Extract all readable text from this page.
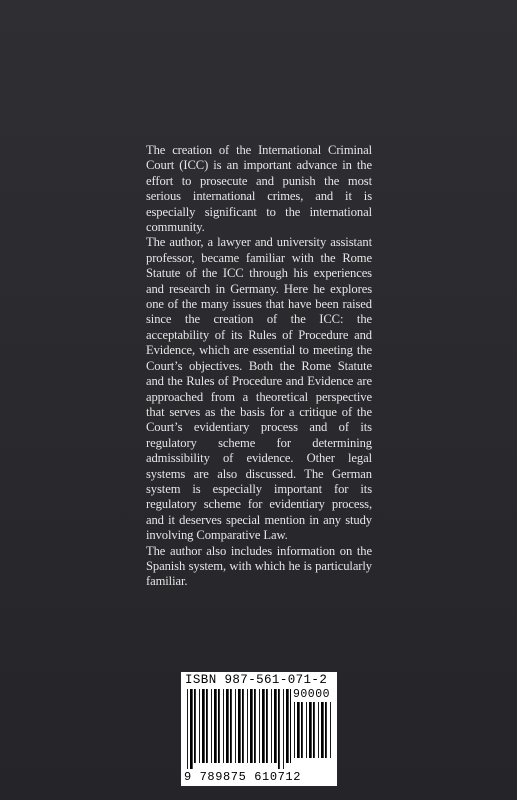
The creation of the International Criminal Court (ICC) is an important advance in the effort to prosecute and punish the most serious international crimes, and it is especially significant to the international community.

The author, a lawyer and university assistant professor, became familiar with the Rome Statute of the ICC through his experiences and research in Germany. Here he explores one of the many issues that have been raised since the creation of the ICC: the acceptability of its Rules of Procedure and Evidence, which are essential to meeting the Court’s objectives. Both the Rome Statute and the Rules of Procedure and Evidence are approached from a theoretical perspective that serves as the basis for a critique of the Court’s evidentiary process and of its regulatory scheme for determining admissibility of evidence. Other legal systems are also discussed. The German system is especially important for its regulatory scheme for evidentiary process, and it deserves special mention in any study involving Comparative Law.

The author also includes information on the Spanish system, with which he is particularly familiar.

ISBN 987-561-071-2
90000
9 789875 610712
